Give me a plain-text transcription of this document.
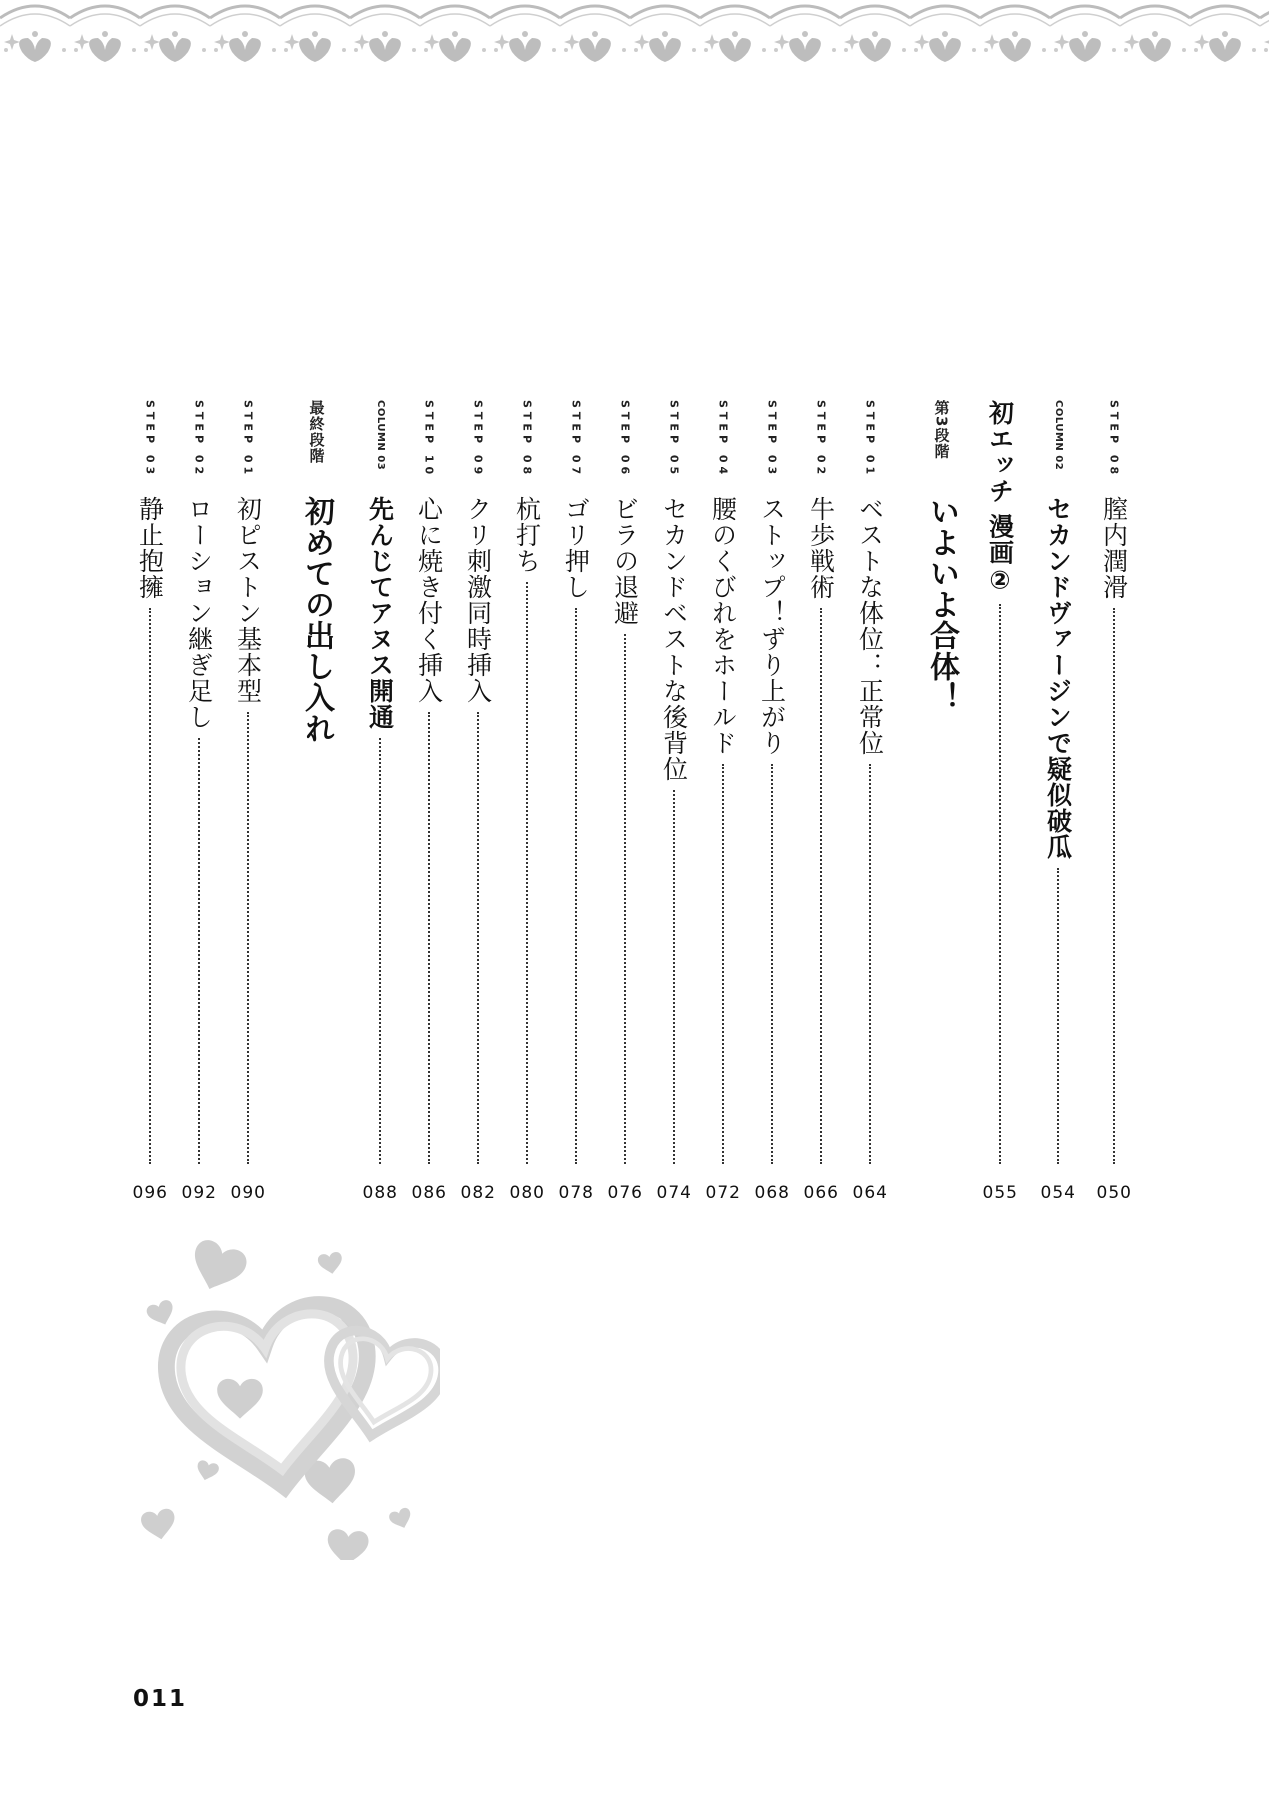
STEP 08
膣内潤滑
050
COLUMN 02
セカンドヴァージンで疑似破瓜
054
初エッチ 漫画②
055
第3段階
いよいよ合体！
STEP 01
ベストな体位：正常位
064
STEP 02
牛歩戦術
066
STEP 03
ストップ！ずり上がり
068
STEP 04
腰のくびれをホールド
072
STEP 05
セカンドベストな後背位
074
STEP 06
ビラの退避
076
STEP 07
ゴリ押し
078
STEP 08
杭打ち
080
STEP 09
クリ刺激同時挿入
082
STEP 10
心に焼き付く挿入
086
COLUMN 03
先んじてアヌス開通
088
最終段階
初めての出し入れ
STEP 01
初ピストン基本型
090
STEP 02
ローション継ぎ足し
092
STEP 03
静止抱擁
096
011
